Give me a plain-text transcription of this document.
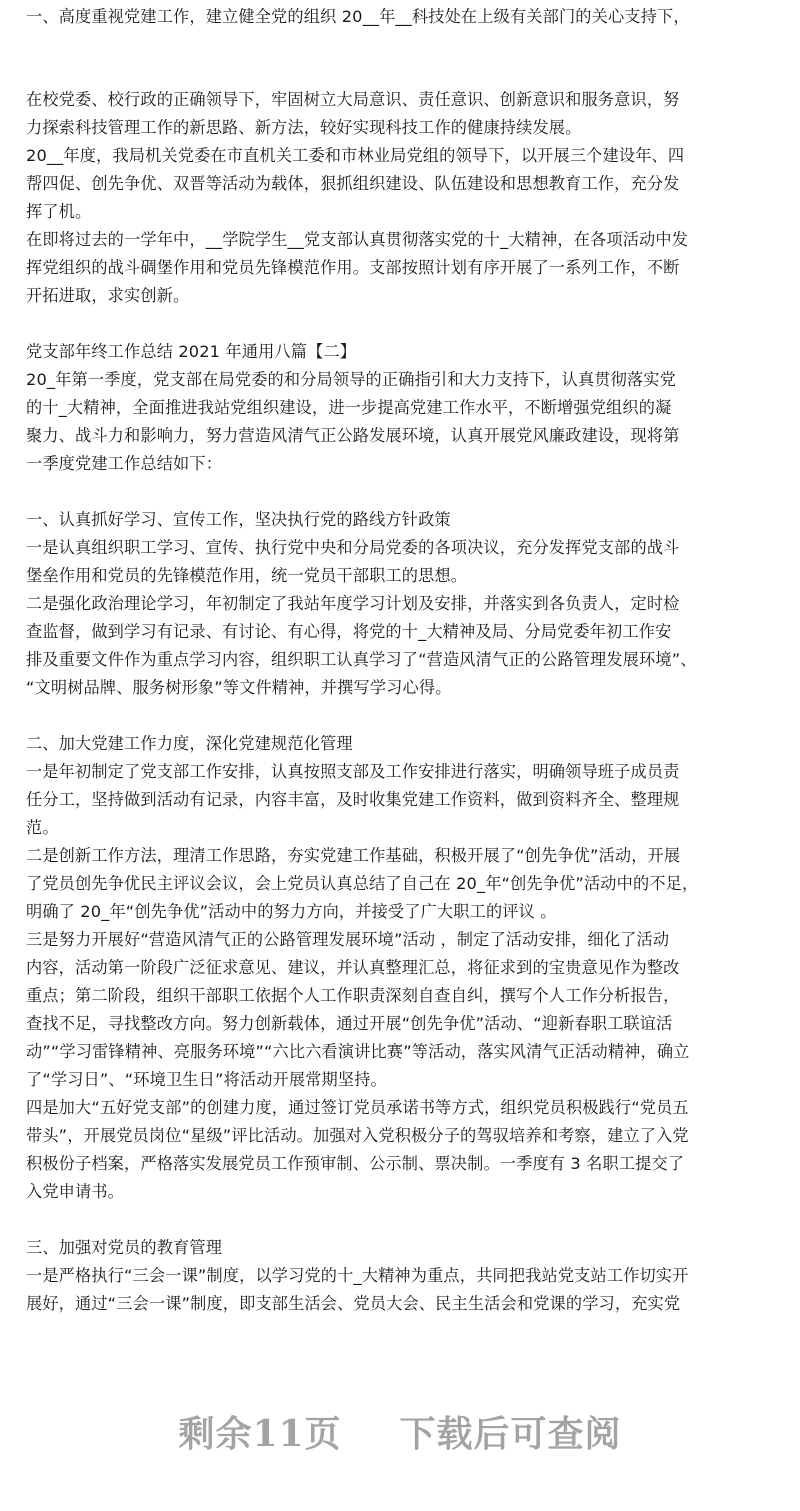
一、高度重视党建工作，建立健全党的组织 20__年__科技处在上级有关部门的关心支持下，
在校党委、校行政的正确领导下，牢固树立大局意识、责任意识、创新意识和服务意识，努
力探索科技管理工作的新思路、新方法，较好实现科技工作的健康持续发展。
20__年度，我局机关党委在市直机关工委和市林业局党组的领导下，以开展三个建设年、四
帮四促、创先争优、双晋等活动为载体，狠抓组织建设、队伍建设和思想教育工作，充分发
挥了机。
在即将过去的一学年中，__学院学生__党支部认真贯彻落实党的十_大精神，在各项活动中发
挥党组织的战斗碉堡作用和党员先锋模范作用。支部按照计划有序开展了一系列工作，不断
开拓进取，求实创新。
党支部年终工作总结 2021 年通用八篇【二】
20_年第一季度，党支部在局党委的和分局领导的正确指引和大力支持下，认真贯彻落实党
的十_大精神，全面推进我站党组织建设，进一步提高党建工作水平，不断增强党组织的凝
聚力、战斗力和影响力，努力营造风清气正公路发展环境，认真开展党风廉政建设，现将第
一季度党建工作总结如下：
一、认真抓好学习、宣传工作，坚决执行党的路线方针政策
一是认真组织职工学习、宣传、执行党中央和分局党委的各项决议，充分发挥党支部的战斗
堡垒作用和党员的先锋模范作用，统一党员干部职工的思想。
二是强化政治理论学习，年初制定了我站年度学习计划及安排，并落实到各负责人，定时检
查监督，做到学习有记录、有讨论、有心得，将党的十_大精神及局、分局党委年初工作安
排及重要文件作为重点学习内容，组织职工认真学习了“营造风清气正的公路管理发展环境”、
“文明树品牌、服务树形象”等文件精神，并撰写学习心得。
二、加大党建工作力度，深化党建规范化管理
一是年初制定了党支部工作安排，认真按照支部及工作安排进行落实，明确领导班子成员责
任分工，坚持做到活动有记录，内容丰富，及时收集党建工作资料，做到资料齐全、整理规
范。
二是创新工作方法，理清工作思路，夯实党建工作基础，积极开展了“创先争优”活动，开展
了党员创先争优民主评议会议，会上党员认真总结了自己在 20_年“创先争优”活动中的不足，
明确了 20_年“创先争优”活动中的努力方向，并接受了广大职工的评议 。
三是努力开展好“营造风清气正的公路管理发展环境”活动 ，制定了活动安排，细化了活动
内容，活动第一阶段广泛征求意见、建议，并认真整理汇总，将征求到的宝贵意见作为整改
重点；第二阶段，组织干部职工依据个人工作职责深刻自查自纠，撰写个人工作分析报告，
查找不足，寻找整改方向。努力创新载体，通过开展“创先争优”活动、“迎新春职工联谊活
动”“学习雷锋精神、亮服务环境”“六比六看演讲比赛”等活动，落实风清气正活动精神，确立
了“学习日”、“环境卫生日”将活动开展常期坚持。
四是加大“五好党支部”的创建力度，通过签订党员承诺书等方式，组织党员积极践行“党员五
带头”，开展党员岗位“星级”评比活动。加强对入党积极分子的驾驭培养和考察，建立了入党
积极份子档案，严格落实发展党员工作预审制、公示制、票决制。一季度有 3 名职工提交了
入党申请书。
三、加强对党员的教育管理
一是严格执行“三会一课”制度，以学习党的十_大精神为重点，共同把我站党支站工作切实开
展好，通过“三会一课”制度，即支部生活会、党员大会、民主生活会和党课的学习，充实党
剩余11页 下载后可查阅
